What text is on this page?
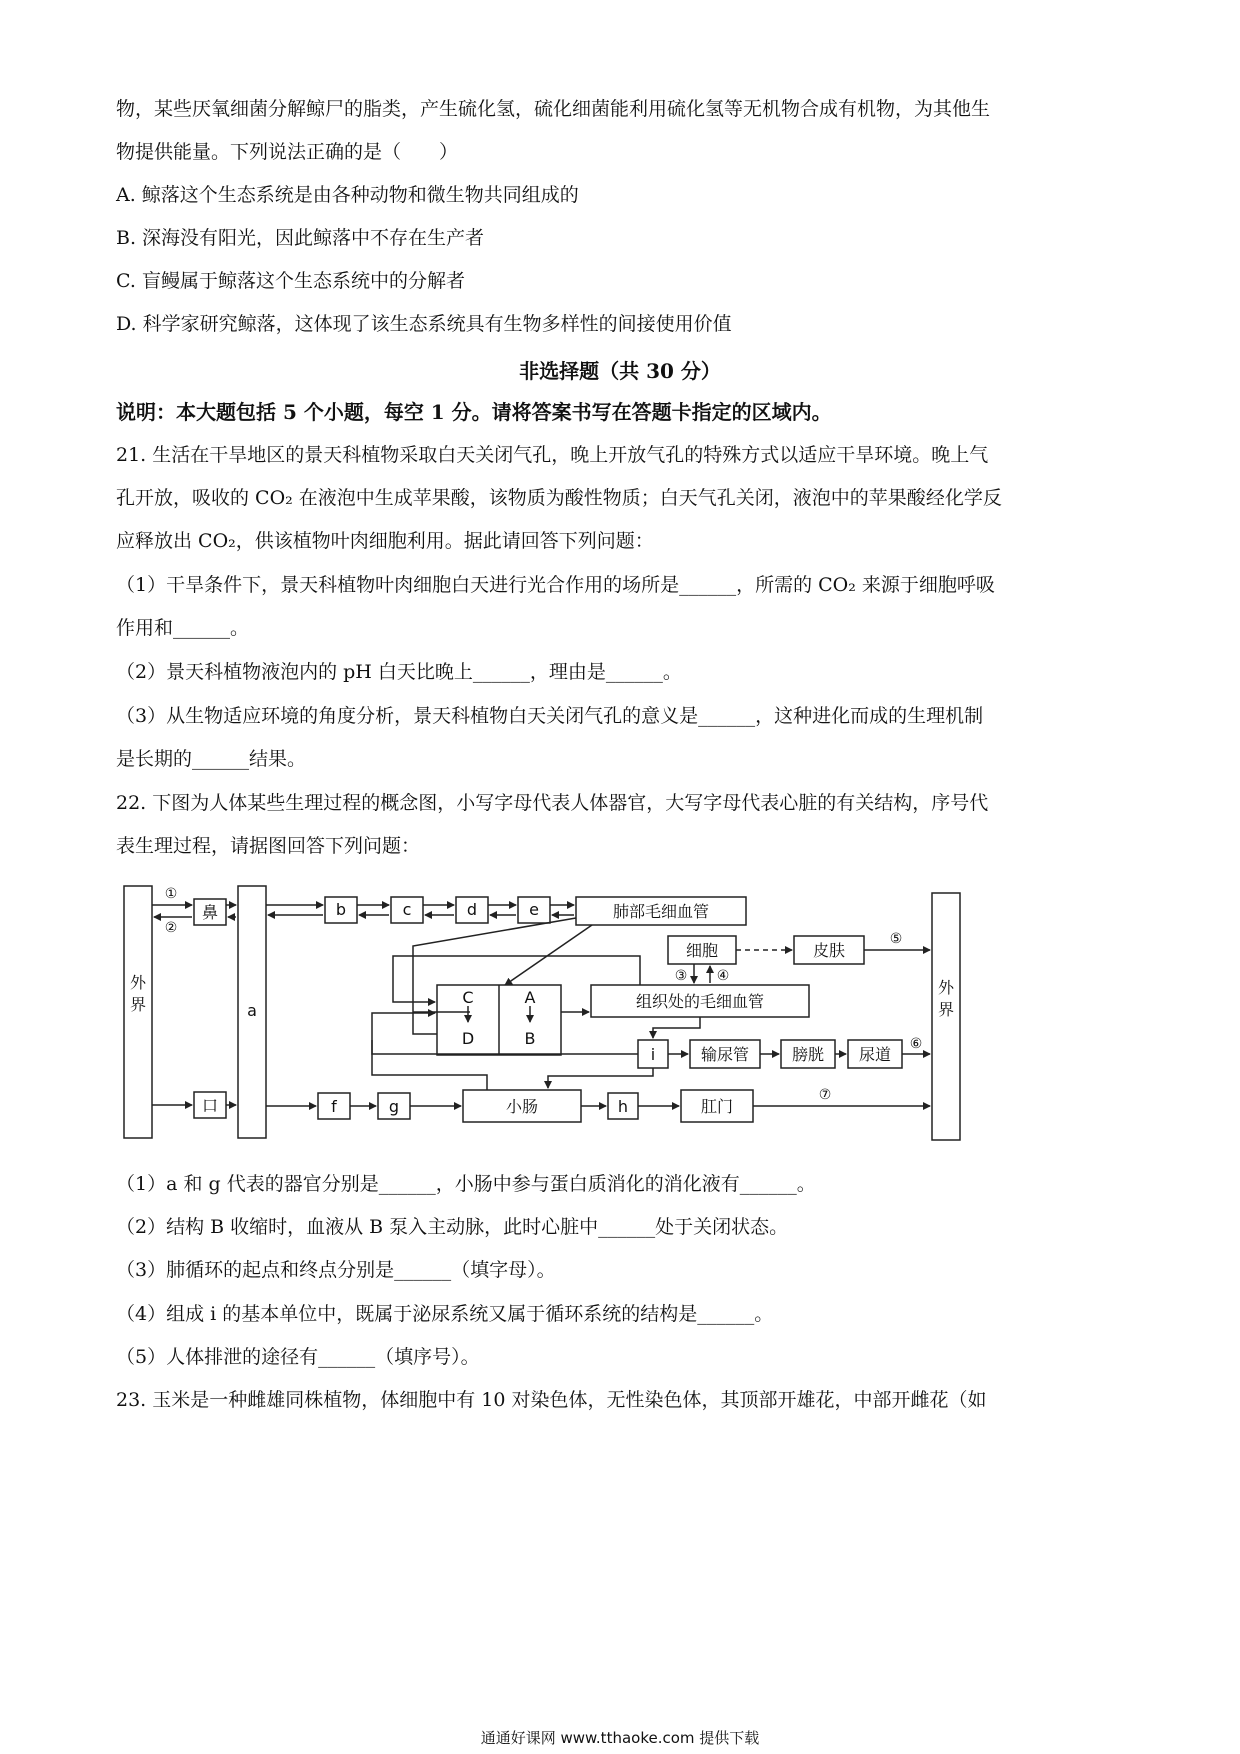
物，某些厌氧细菌分解鲸尸的脂类，产生硫化氢，硫化细菌能利用硫化氢等无机物合成有机物，为其他生
物提供能量。下列说法正确的是（　　）
A. 鲸落这个生态系统是由各种动物和微生物共同组成的
B. 深海没有阳光，因此鲸落中不存在生产者
C. 盲鳗属于鲸落这个生态系统中的分解者
D. 科学家研究鲸落，这体现了该生态系统具有生物多样性的间接使用价值
非选择题（共 30 分）
说明：本大题包括 5 个小题，每空 1 分。请将答案书写在答题卡指定的区域内。
21. 生活在干旱地区的景天科植物采取白天关闭气孔，晚上开放气孔的特殊方式以适应干旱环境。晚上气
孔开放，吸收的 CO₂ 在液泡中生成苹果酸，该物质为酸性物质；白天气孔关闭，液泡中的苹果酸经化学反
应释放出 CO₂，供该植物叶肉细胞利用。据此请回答下列问题：
（1）干旱条件下，景天科植物叶肉细胞白天进行光合作用的场所是______，所需的 CO₂ 来源于细胞呼吸
作用和______。
（2）景天科植物液泡内的 pH 白天比晚上______，理由是______。
（3）从生物适应环境的角度分析，景天科植物白天关闭气孔的意义是______，这种进化而成的生理机制
是长期的______结果。
22. 下图为人体某些生理过程的概念图，小写字母代表人体器官，大写字母代表心脏的有关结构，序号代
表生理过程，请据图回答下列问题：
外界	a
外界
鼻	b	c	d	e	肺部毛细血管
细胞	皮肤
组织处的毛细血管
C
D
A
B
i	输尿管	膀胱 尿道
口	f	g	小肠	h	肛门
①
②
③ ④
⑤
⑥
⑦
（1）a 和 g 代表的器官分别是______，小肠中参与蛋白质消化的消化液有______。
（2）结构 B 收缩时，血液从 B 泵入主动脉，此时心脏中______处于关闭状态。
（3）肺循环的起点和终点分别是______（填字母）。
（4）组成 i 的基本单位中，既属于泌尿系统又属于循环系统的结构是______。
（5）人体排泄的途径有______（填序号）。
23. 玉米是一种雌雄同株植物，体细胞中有 10 对染色体，无性染色体，其顶部开雄花，中部开雌花（如
通通好课网 www.tthaoke.com 提供下载
